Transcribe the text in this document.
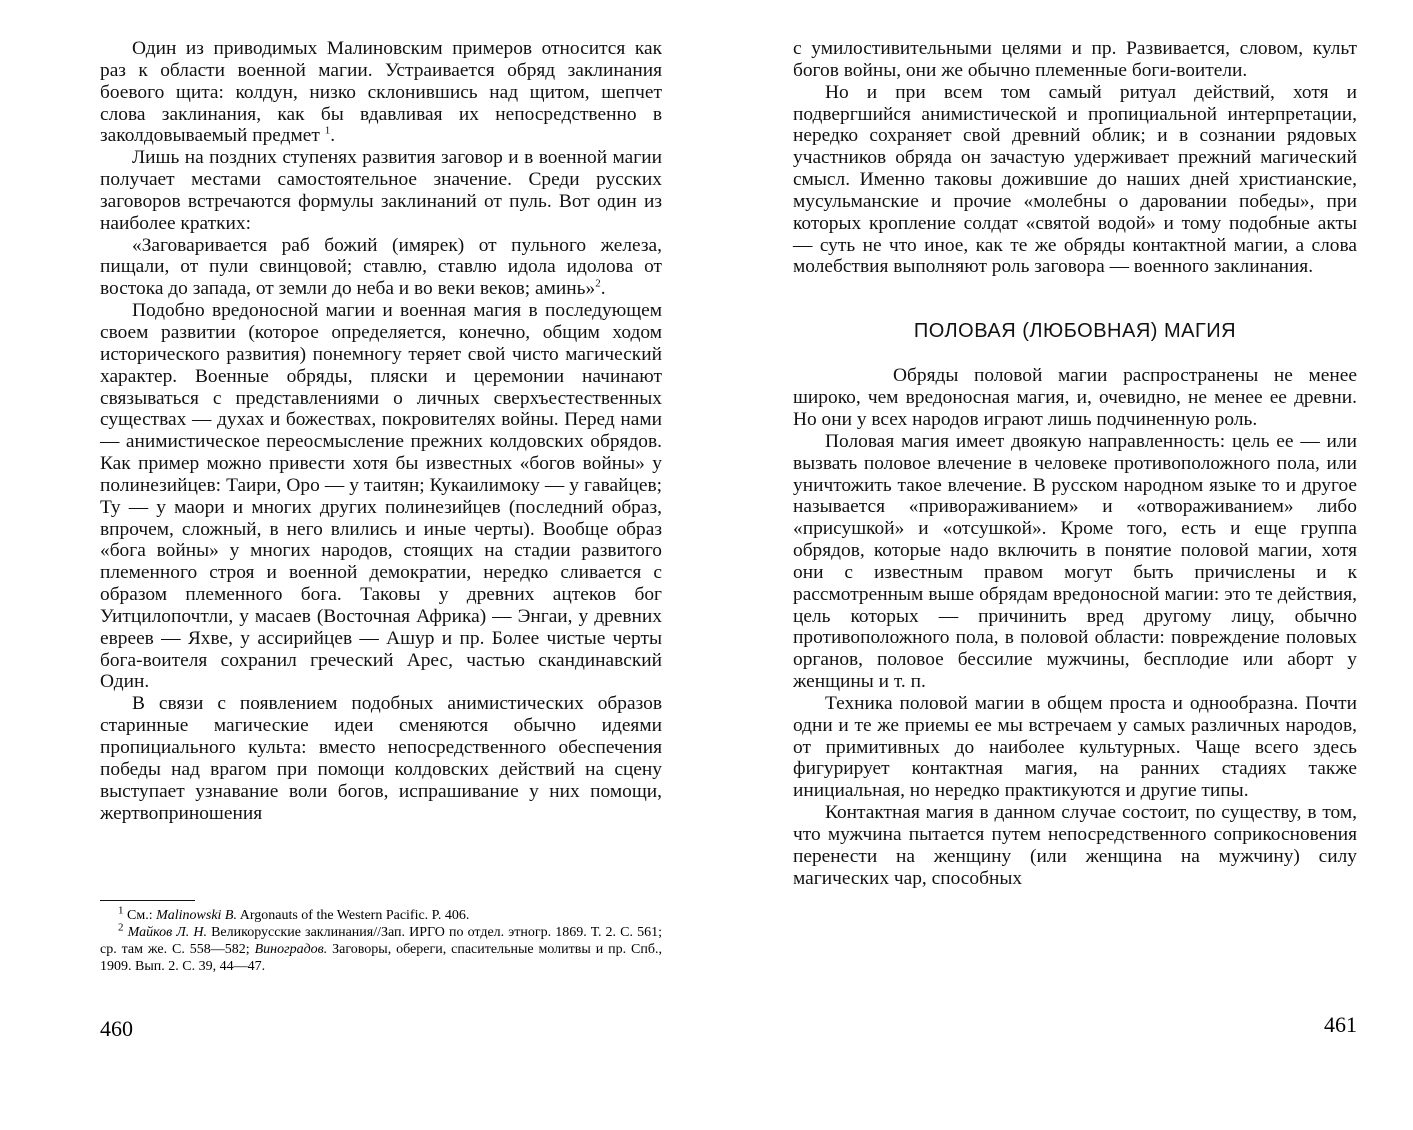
Один из приводимых Малиновским примеров относится как раз к области военной магии. Устраивается обряд заклинания боевого щита: колдун, низко склонившись над щитом, шепчет слова заклинания, как бы вдавливая их непосредственно в заколдовываемый предмет $^1$.

Лишь на поздних ступенях развития заговор и в военной магии получает местами самостоятельное значение. Среди русских заговоров встречаются формулы заклинаний от пуль. Вот один из наиболее кратких:

«Заговаривается раб божий (имярек) от пульного железа, пищали, от пули свинцовой; ставлю, ставлю идола идолова от востока до запада, от земли до неба и во веки веков; аминь»$^2$.

Подобно вредоносной магии и военная магия в последующем своем развитии (которое определяется, конечно, общим ходом исторического развития) понемногу теряет свой чисто магический характер. Военные обряды, пляски и церемонии начинают связываться с представлениями о личных сверхъестественных существах — духах и божествах, покровителях войны. Перед нами — анимистическое переосмысление прежних колдовских обрядов. Как пример можно привести хотя бы известных «богов войны» у полинезийцев: Таири, Оро — у таитян; Кукаилимоку — у гавайцев; Ту — у маори и многих других полинезийцев (последний образ, впрочем, сложный, в него влились и иные черты). Вообще образ «бога войны» у многих народов, стоящих на стадии развитого племенного строя и военной демократии, нередко сливается с образом племенного бога. Таковы у древних ацтеков бог Уитцилопочтли, у масаев (Восточная Африка) — Энгаи, у древних евреев — Яхве, у ассирийцев — Ашур и пр. Более чистые черты бога-воителя сохранил греческий Арес, частью скандинавский Один.

В связи с появлением подобных анимистических образов старинные магические идеи сменяются обычно идеями пропициального культа: вместо непосредственного обеспечения победы над врагом при помощи колдовских действий на сцену выступает узнавание воли богов, испрашивание у них помощи, жертвоприношения

$^1$ См.: Malinowski B. Argonauts of the Western Pacific. P. 406.

$^2$ Майков Л. Н. Великорусские заклинания//Зап. ИРГО по отдел. этногр. 1869. Т. 2. С. 561; ср. там же. С. 558—582; Виноградов. Заговоры, обереги, спасительные молитвы и пр. Спб., 1909. Вып. 2. С. 39, 44—47.

460

с умилостивительными целями и пр. Развивается, словом, культ богов войны, они же обычно племенные боги-воители.

Но и при всем том самый ритуал действий, хотя и подвергшийся анимистической и пропициальной интерпретации, нередко сохраняет свой древний облик; и в сознании рядовых участников обряда он зачастую удерживает прежний магический смысл. Именно таковы дожившие до наших дней христианские, мусульманские и прочие «молебны о даровании победы», при которых кропление солдат «святой водой» и тому подобные акты — суть не что иное, как те же обряды контактной магии, а слова молебствия выполняют роль заговора — военного заклинания.

ПОЛОВАЯ (ЛЮБОВНАЯ) МАГИЯ

Обряды половой магии распространены не менее широко, чем вредоносная магия, и, очевидно, не менее ее древни. Но они у всех народов играют лишь подчиненную роль.

Половая магия имеет двоякую направленность: цель ее — или вызвать половое влечение в человеке противоположного пола, или уничтожить такое влечение. В русском народном языке то и другое называется «привораживанием» и «отвораживанием» либо «присушкой» и «отсушкой». Кроме того, есть и еще группа обрядов, которые надо включить в понятие половой магии, хотя они с известным правом могут быть причислены и к рассмотренным выше обрядам вредоносной магии: это те действия, цель которых — причинить вред другому лицу, обычно противоположного пола, в половой области: повреждение половых органов, половое бессилие мужчины, бесплодие или аборт у женщины и т. п.

Техника половой магии в общем проста и однообразна. Почти одни и те же приемы ее мы встречаем у самых различных народов, от примитивных до наиболее культурных. Чаще всего здесь фигурирует контактная магия, на ранних стадиях также инициальная, но нередко практикуются и другие типы.

Контактная магия в данном случае состоит, по существу, в том, что мужчина пытается путем непосредственного соприкосновения перенести на женщину (или женщина на мужчину) силу магических чар, способных

461
